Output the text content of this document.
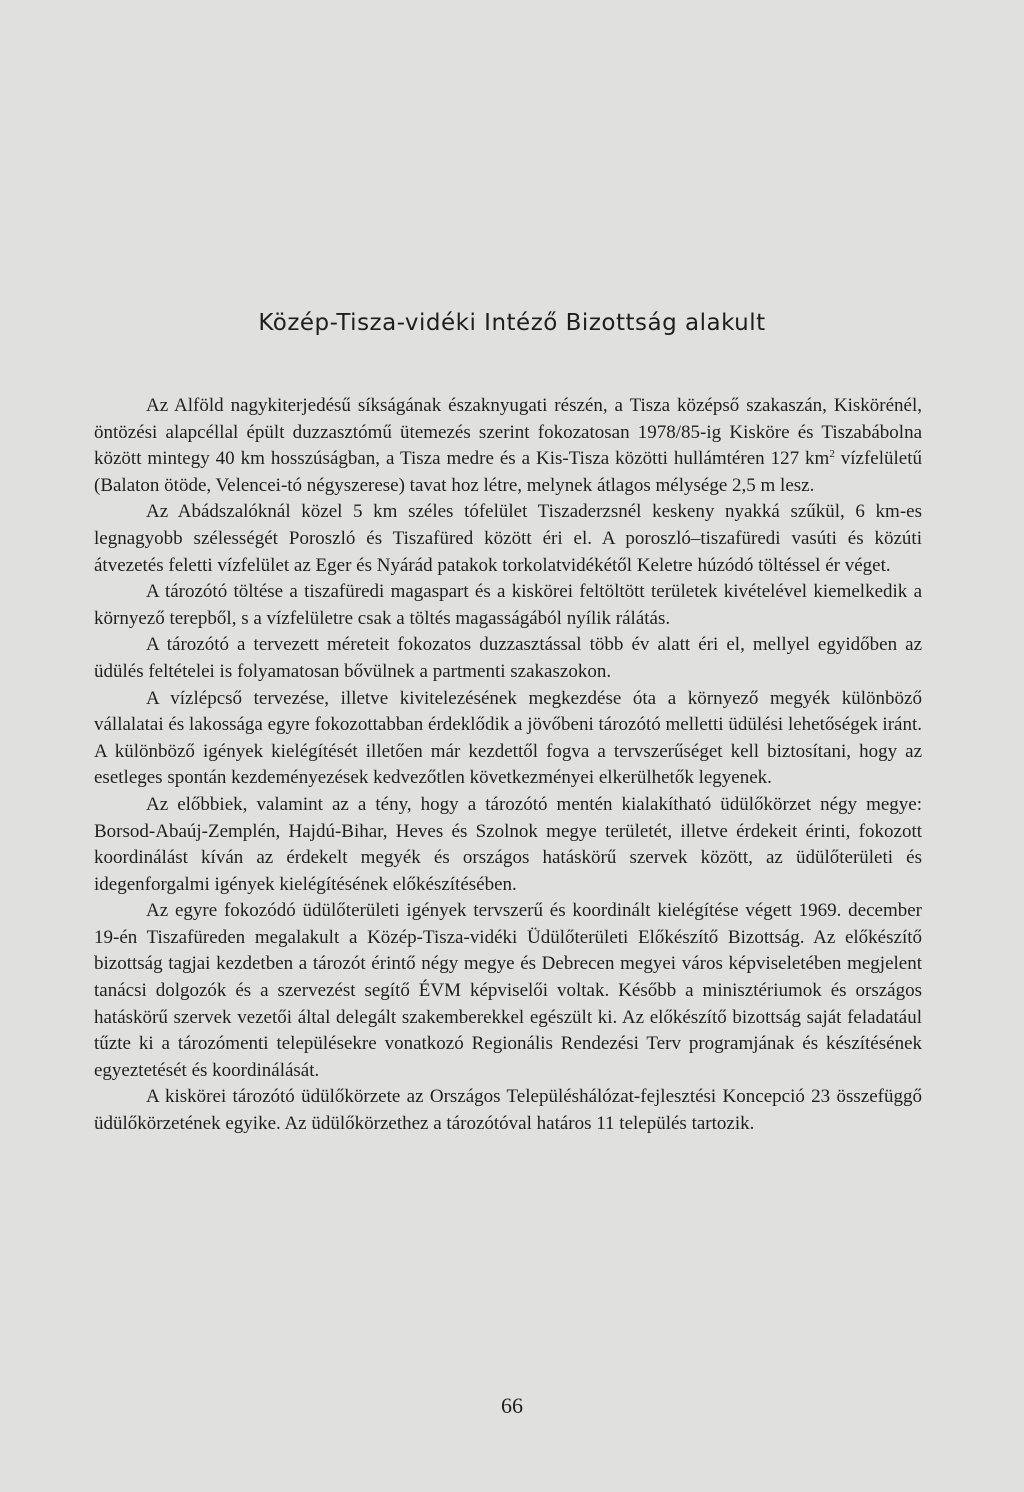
Közép-Tisza-vidéki Intéző Bizottság alakult

Az Alföld nagykiterjedésű síkságának északnyugati részén, a Tisza középső szakaszán, Kiskörénél, öntözési alapcéllal épült duzzasztómű ütemezés szerint fokozatosan 1978/85-ig Kisköre és Tiszabábolna között mintegy 40 km hosszúságban, a Tisza medre és a Kis-Tisza közötti hullámtéren 127 $km^2$ vízfelületű (Balaton ötöde, Velencei-tó négyszerese) tavat hoz létre, melynek átlagos mélysége 2,5 m lesz.

Az Abádszalóknál közel 5 km széles tófelület Tiszaderzsnél keskeny nyakká szűkül, 6 km-es legnagyobb szélességét Poroszló és Tiszafüred között éri el. A poroszló–tiszafüredi vasúti és közúti átvezetés feletti vízfelület az Eger és Nyárád patakok torkolatvidékétől Keletre húzódó töltéssel ér véget.

A tározótó töltése a tiszafüredi magaspart és a kiskörei feltöltött területek kivételével kiemelkedik a környező terepből, s a vízfelületre csak a töltés magasságából nyílik rálátás.

A tározótó a tervezett méreteit fokozatos duzzasztással több év alatt éri el, mellyel egyidőben az üdülés feltételei is folyamatosan bővülnek a partmenti szakaszokon.

A vízlépcső tervezése, illetve kivitelezésének megkezdése óta a környező megyék különböző vállalatai és lakossága egyre fokozottabban érdeklődik a jövőbeni tározótó melletti üdülési lehetőségek iránt. A különböző igények kielégítését illetően már kezdettől fogva a tervszerűséget kell biztosítani, hogy az esetleges spontán kezdeményezések kedvezőtlen következményei elkerülhetők legyenek.

Az előbbiek, valamint az a tény, hogy a tározótó mentén kialakítható üdülőkörzet négy megye: Borsod-Abaúj-Zemplén, Hajdú-Bihar, Heves és Szolnok megye területét, illetve érdekeit érinti, fokozott koordinálást kíván az érdekelt megyék és országos hatáskörű szervek között, az üdülőterületi és idegenforgalmi igények kielégítésének előkészítésében.

Az egyre fokozódó üdülőterületi igények tervszerű és koordinált kielégítése végett 1969. december 19-én Tiszafüreden megalakult a Közép-Tisza-vidéki Üdülőterületi Előkészítő Bizottság. Az előkészítő bizottság tagjai kezdetben a tározót érintő négy megye és Debrecen megyei város képviseletében megjelent tanácsi dolgozók és a szervezést segítő ÉVM képviselői voltak. Később a minisztériumok és országos hatáskörű szervek vezetői által delegált szakemberekkel egészült ki. Az előkészítő bizottság saját feladatául tűzte ki a tározómenti településekre vonatkozó Regionális Rendezési Terv programjának és készítésének egyeztetését és koordinálását.

A kiskörei tározótó üdülőkörzete az Országos Településhálózat-fejlesztési Koncepció 23 összefüggő üdülőkörzetének egyike. Az üdülőkörzethez a tározótóval határos 11 település tartozik.

66
